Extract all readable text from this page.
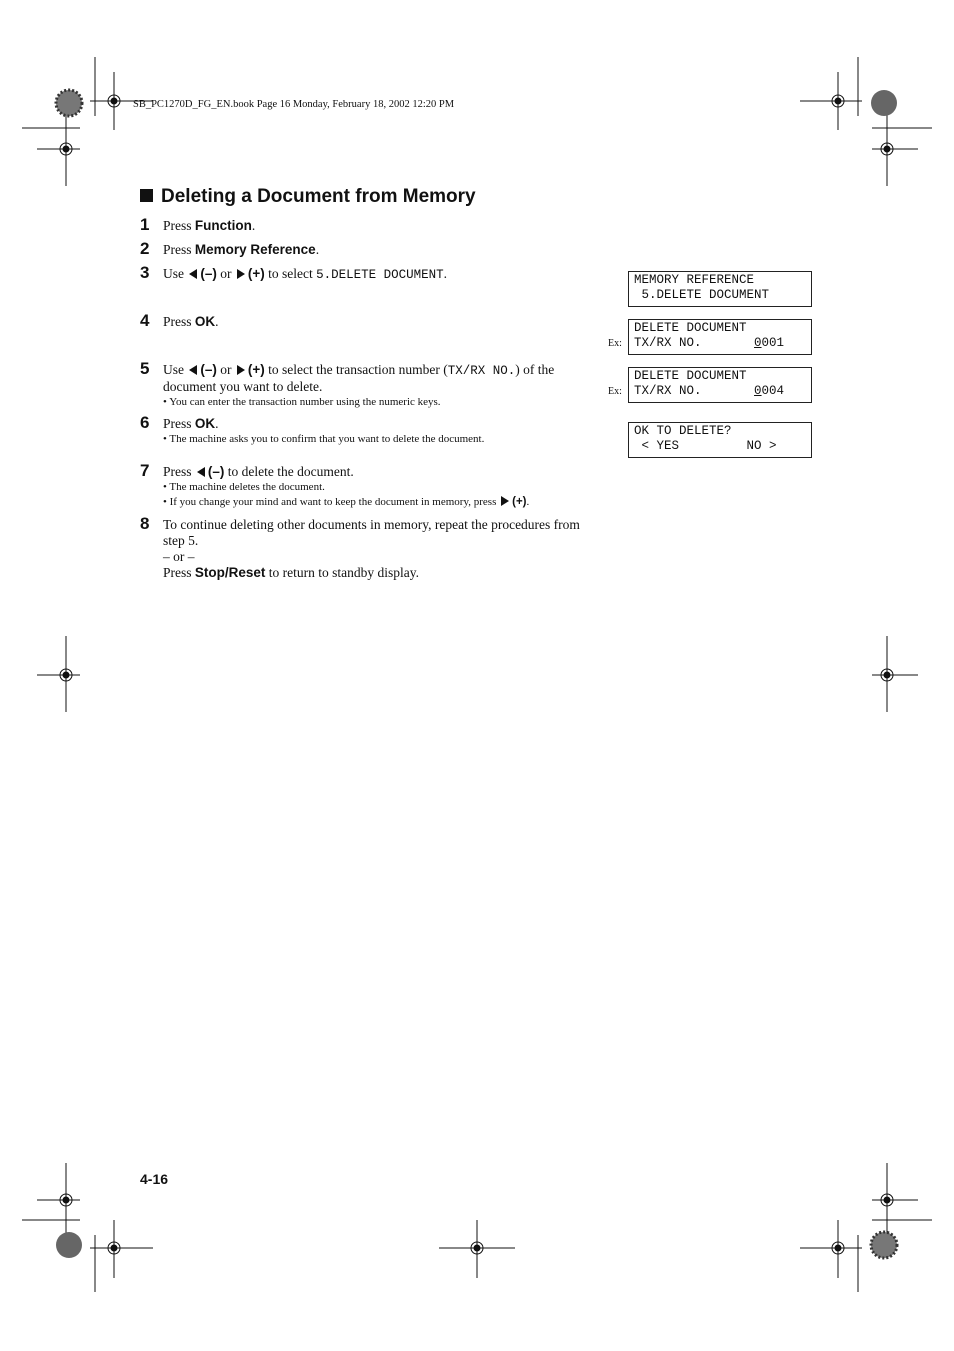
SB_PC1270D_FG_EN.book Page 16 Monday, February 18, 2002 12:20 PM
Deleting a Document from Memory
1	Press Function.
2	Press Memory Reference.
3	Use (–) or (+) to select 5.DELETE DOCUMENT.
4	Press OK.
5	Use (–) or (+) to select the transaction number (TX/RX NO.) of the document you want to delete.
• You can enter the transaction number using the numeric keys.
6	Press OK.
• The machine asks you to confirm that you want to delete the document.
7	Press (–) to delete the document.
• The machine deletes the document.
• If you change your mind and want to keep the document in memory, press (+).
8	To continue deleting other documents in memory, repeat the procedures from step 5.
– or –
Press Stop/Reset to return to standby display.
MEMORY REFERENCE
5.DELETE DOCUMENT
Ex:
DELETE DOCUMENT
TX/RX NO.       0001
Ex:
DELETE DOCUMENT
TX/RX NO.       0004
OK TO DELETE?
< YES         NO >
4-16
